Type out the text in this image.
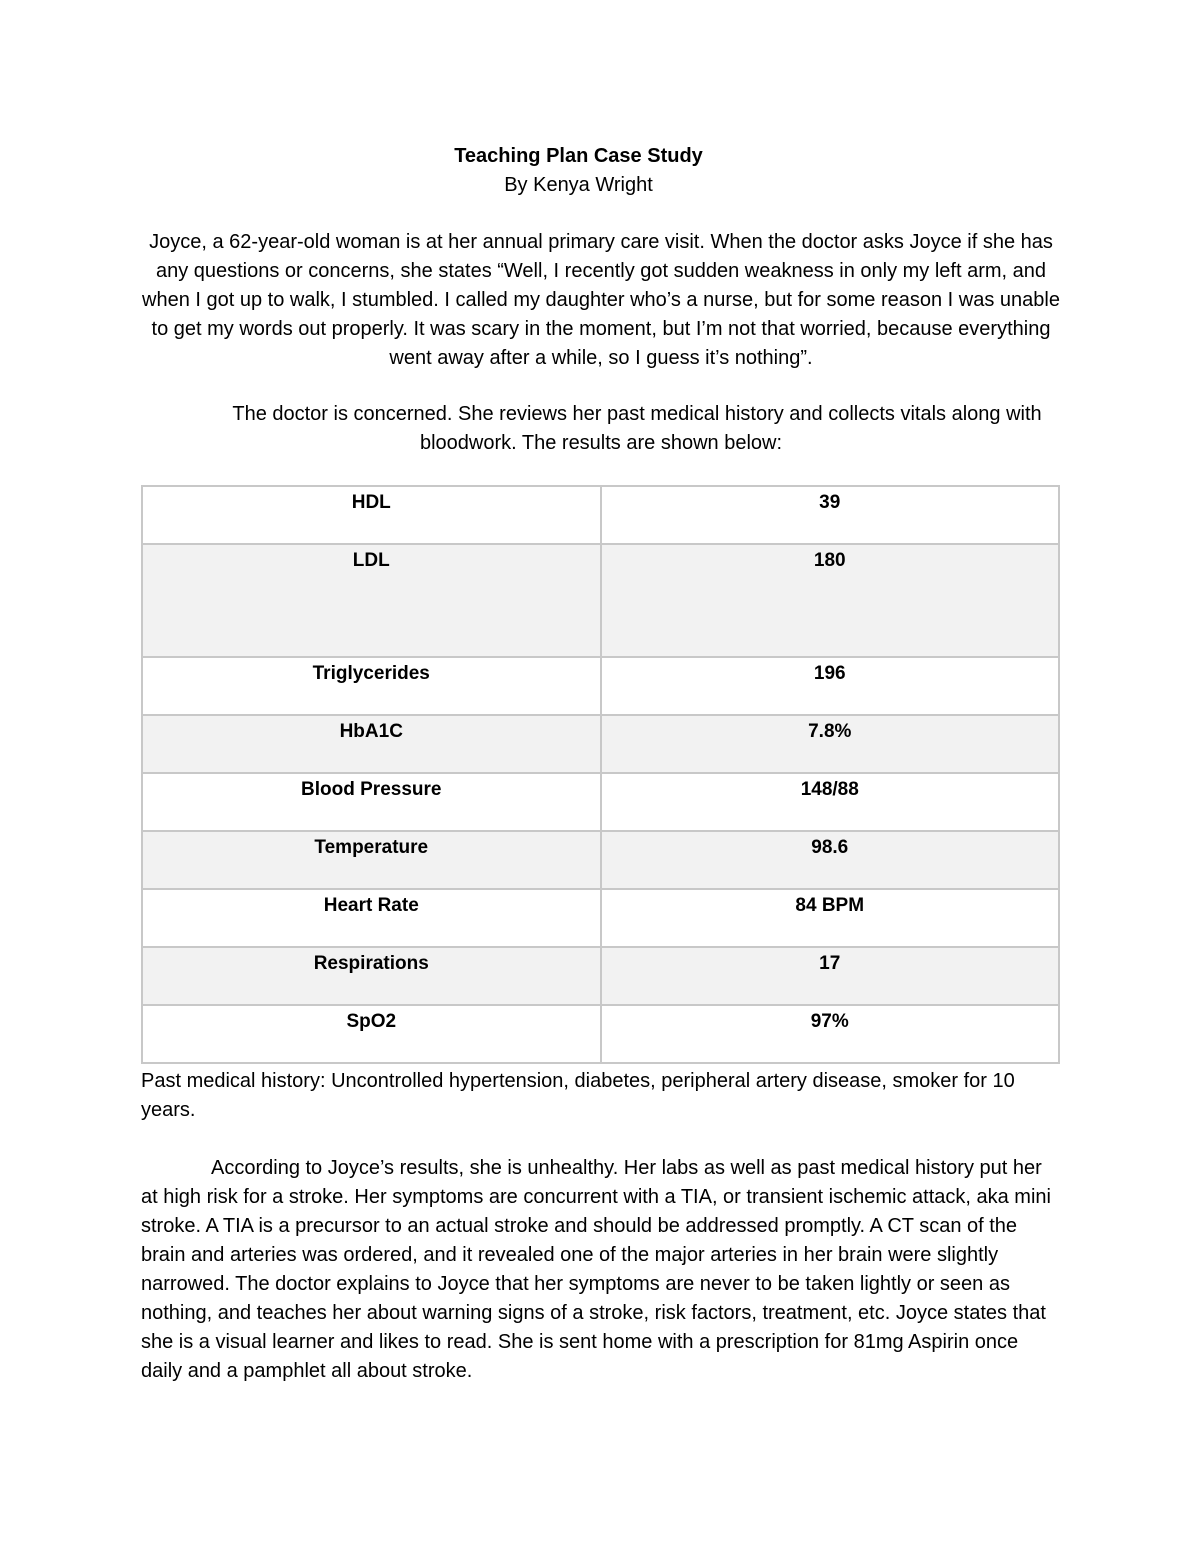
Teaching Plan Case Study
By Kenya Wright

Joyce, a 62-year-old woman is at her annual primary care visit. When the doctor asks Joyce if she has any questions or concerns, she states “Well, I recently got sudden weakness in only my left arm, and when I got up to walk, I stumbled. I called my daughter who’s a nurse, but for some reason I was unable to get my words out properly. It was scary in the moment, but I’m not that worried, because everything went away after a while, so I guess it’s nothing”.

The doctor is concerned. She reviews her past medical history and collects vitals along with bloodwork. The results are shown below:

HDL	39
LDL	180
Triglycerides	196
HbA1C	7.8%
Blood Pressure	148/88
Temperature	98.6
Heart Rate	84 BPM
Respirations	17
SpO2	97%

Past medical history: Uncontrolled hypertension, diabetes, peripheral artery disease, smoker for 10 years.

According to Joyce’s results, she is unhealthy. Her labs as well as past medical history put her at high risk for a stroke. Her symptoms are concurrent with a TIA, or transient ischemic attack, aka mini stroke. A TIA is a precursor to an actual stroke and should be addressed promptly. A CT scan of the brain and arteries was ordered, and it revealed one of the major arteries in her brain were slightly narrowed. The doctor explains to Joyce that her symptoms are never to be taken lightly or seen as nothing, and teaches her about warning signs of a stroke, risk factors, treatment, etc. Joyce states that she is a visual learner and likes to read. She is sent home with a prescription for 81mg Aspirin once daily and a pamphlet all about stroke.
